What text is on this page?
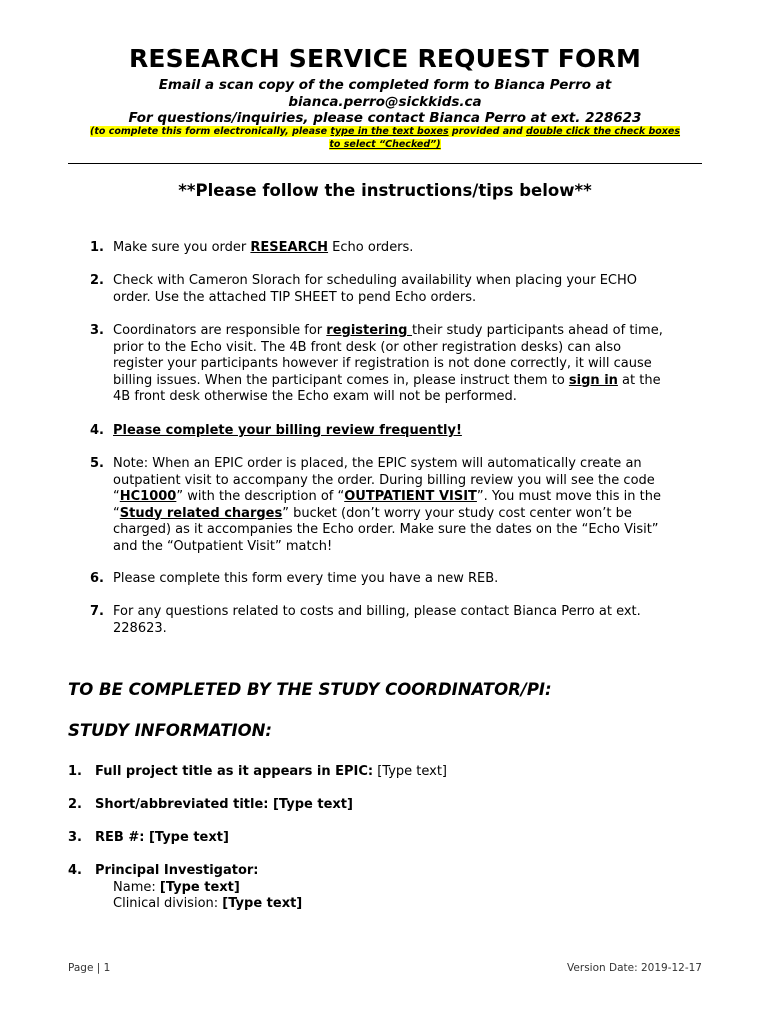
RESEARCH SERVICE REQUEST FORM
Email a scan copy of the completed form to Bianca Perro at
bianca.perro@sickkids.ca
For questions/inquiries, please contact Bianca Perro at ext. 228623
(to complete this form electronically, please type in the text boxes provided and double click the check boxes
to select “Checked”)
**Please follow the instructions/tips below**
1. Make sure you order RESEARCH Echo orders.
2. Check with Cameron Slorach for scheduling availability when placing your ECHO
order. Use the attached TIP SHEET to pend Echo orders.
3. Coordinators are responsible for registering their study participants ahead of time,
prior to the Echo visit. The 4B front desk (or other registration desks) can also
register your participants however if registration is not done correctly, it will cause
billing issues. When the participant comes in, please instruct them to sign in at the
4B front desk otherwise the Echo exam will not be performed.
4. Please complete your billing review frequently!
5. Note: When an EPIC order is placed, the EPIC system will automatically create an
outpatient visit to accompany the order. During billing review you will see the code
“HC1000” with the description of “OUTPATIENT VISIT”. You must move this in the
“Study related charges” bucket (don’t worry your study cost center won’t be
charged) as it accompanies the Echo order. Make sure the dates on the “Echo Visit”
and the “Outpatient Visit” match!
6. Please complete this form every time you have a new REB.
7. For any questions related to costs and billing, please contact Bianca Perro at ext.
228623.
TO BE COMPLETED BY THE STUDY COORDINATOR/PI:
STUDY INFORMATION:
1. Full project title as it appears in EPIC: [Type text]
2. Short/abbreviated title: [Type text]
3. REB #: [Type text]
4. Principal Investigator:
Name: [Type text]
Clinical division: [Type text]
Page | 1	Version Date: 2019-12-17
